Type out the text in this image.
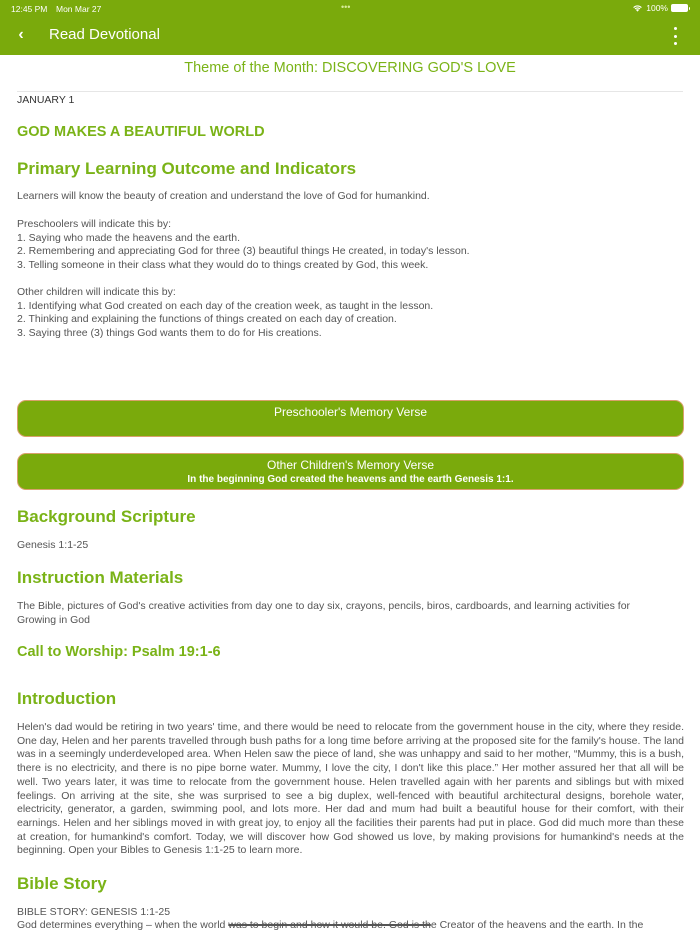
12:45 PM Mon Mar 27	•••	100%
‹	Read Devotional
Theme of the Month: DISCOVERING GOD'S LOVE
JANUARY 1
GOD MAKES A BEAUTIFUL WORLD
Primary Learning Outcome and Indicators
Learners will know the beauty of creation and understand the love of God for humankind.
Preschoolers will indicate this by:
1. Saying who made the heavens and the earth.
2. Remembering and appreciating God for three (3) beautiful things He created, in today's lesson.
3. Telling someone in their class what they would do to things created by God, this week.
Other children will indicate this by:
1. Identifying what God created on each day of the creation week, as taught in the lesson.
2. Thinking and explaining the functions of things created on each day of creation.
3. Saying three (3) things God wants them to do for His creations.
Preschooler's Memory Verse
Other Children's Memory Verse
In the beginning God created the heavens and the earth Genesis 1:1.
Background Scripture
Genesis 1:1-25
Instruction Materials
The Bible, pictures of God's creative activities from day one to day six, crayons, pencils, biros, cardboards, and learning activities for Growing in God
Call to Worship: Psalm 19:1-6
Introduction
Helen's dad would be retiring in two years' time, and there would be need to relocate from the government house in the city, where they reside. One day, Helen and her parents travelled through bush paths for a long time before arriving at the proposed site for the family's house. The land was in a seemingly underdeveloped area. When Helen saw the piece of land, she was unhappy and said to her mother, “Mummy, this is a bush, there is no electricity, and there is no pipe borne water. Mummy, I love the city, I don't like this place.” Her mother assured her that all will be well. Two years later, it was time to relocate from the government house. Helen travelled again with her parents and siblings but with mixed feelings. On arriving at the site, she was surprised to see a big duplex, well-fenced with beautiful architectural designs, borehole water, electricity, generator, a garden, swimming pool, and lots more. Her dad and mum had built a beautiful house for their comfort, with their earnings. Helen and her siblings moved in with great joy, to enjoy all the facilities their parents had put in place. God did much more than these at creation, for humankind's comfort. Today, we will discover how God showed us love, by making provisions for humankind's needs at the beginning. Open your Bibles to Genesis 1:1-25 to learn more.
Bible Story
BIBLE STORY: GENESIS 1:1-25
God determines everything – when the world was to begin and how it would be. God is the Creator of the heavens and the earth. In the
